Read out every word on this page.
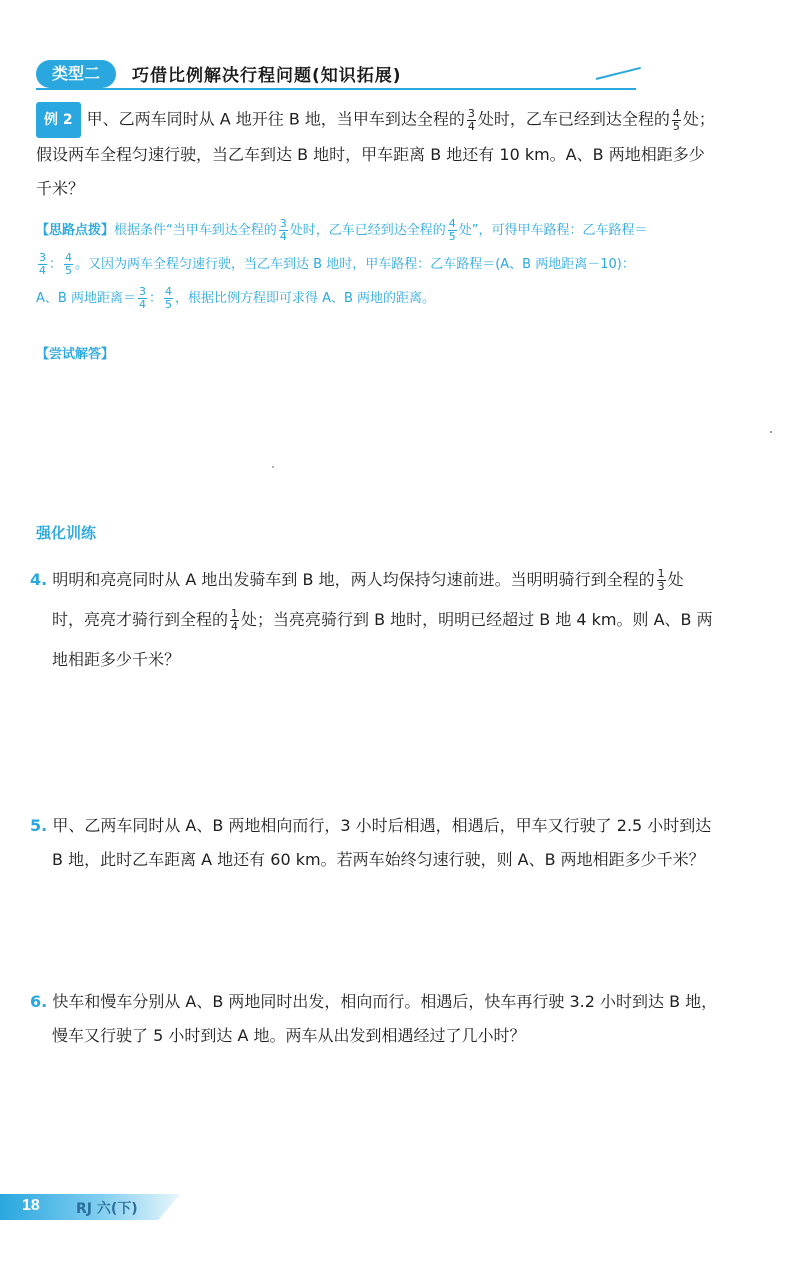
类型二	巧借比例解决行程问题(知识拓展)
例 2 甲、乙两车同时从 A 地开往 B 地，当甲车到达全程的 $\frac{3}{4}$ 处时，乙车已经到达全程的 $\frac{4}{5}$ 处；
假设两车全程匀速行驶，当乙车到达 B 地时，甲车距离 B 地还有 10 km。A、B 两地相距多少
千米？
【思路点拨】根据条件“当甲车到达全程的 $\frac{3}{4}$ 处时，乙车已经到达全程的 $\frac{4}{5}$ 处”，可得甲车路程：乙车路程＝
$\frac{3}{4}$ ： $\frac{4}{5}$ 。又因为两车全程匀速行驶，当乙车到达 B 地时，甲车路程：乙车路程＝(A、B 两地距离－10)：
A、B 两地距离＝ $\frac{3}{4}$ ： $\frac{4}{5}$ ，根据比例方程即可求得 A、B 两地的距离。
【尝试解答】
强化训练
4. 明明和亮亮同时从 A 地出发骑车到 B 地，两人均保持匀速前进。当明明骑行到全程的 $\frac{1}{3}$ 处
时，亮亮才骑行到全程的 $\frac{1}{4}$ 处；当亮亮骑行到 B 地时，明明已经超过 B 地 4 km。则 A、B 两
地相距多少千米？
5. 甲、乙两车同时从 A、B 两地相向而行，3 小时后相遇，相遇后，甲车又行驶了 2.5 小时到达
B 地，此时乙车距离 A 地还有 60 km。若两车始终匀速行驶，则 A、B 两地相距多少千米？
6. 快车和慢车分别从 A、B 两地同时出发，相向而行。相遇后，快车再行驶 3.2 小时到达 B 地，
慢车又行驶了 5 小时到达 A 地。两车从出发到相遇经过了几小时？
18	RJ 六(下)
